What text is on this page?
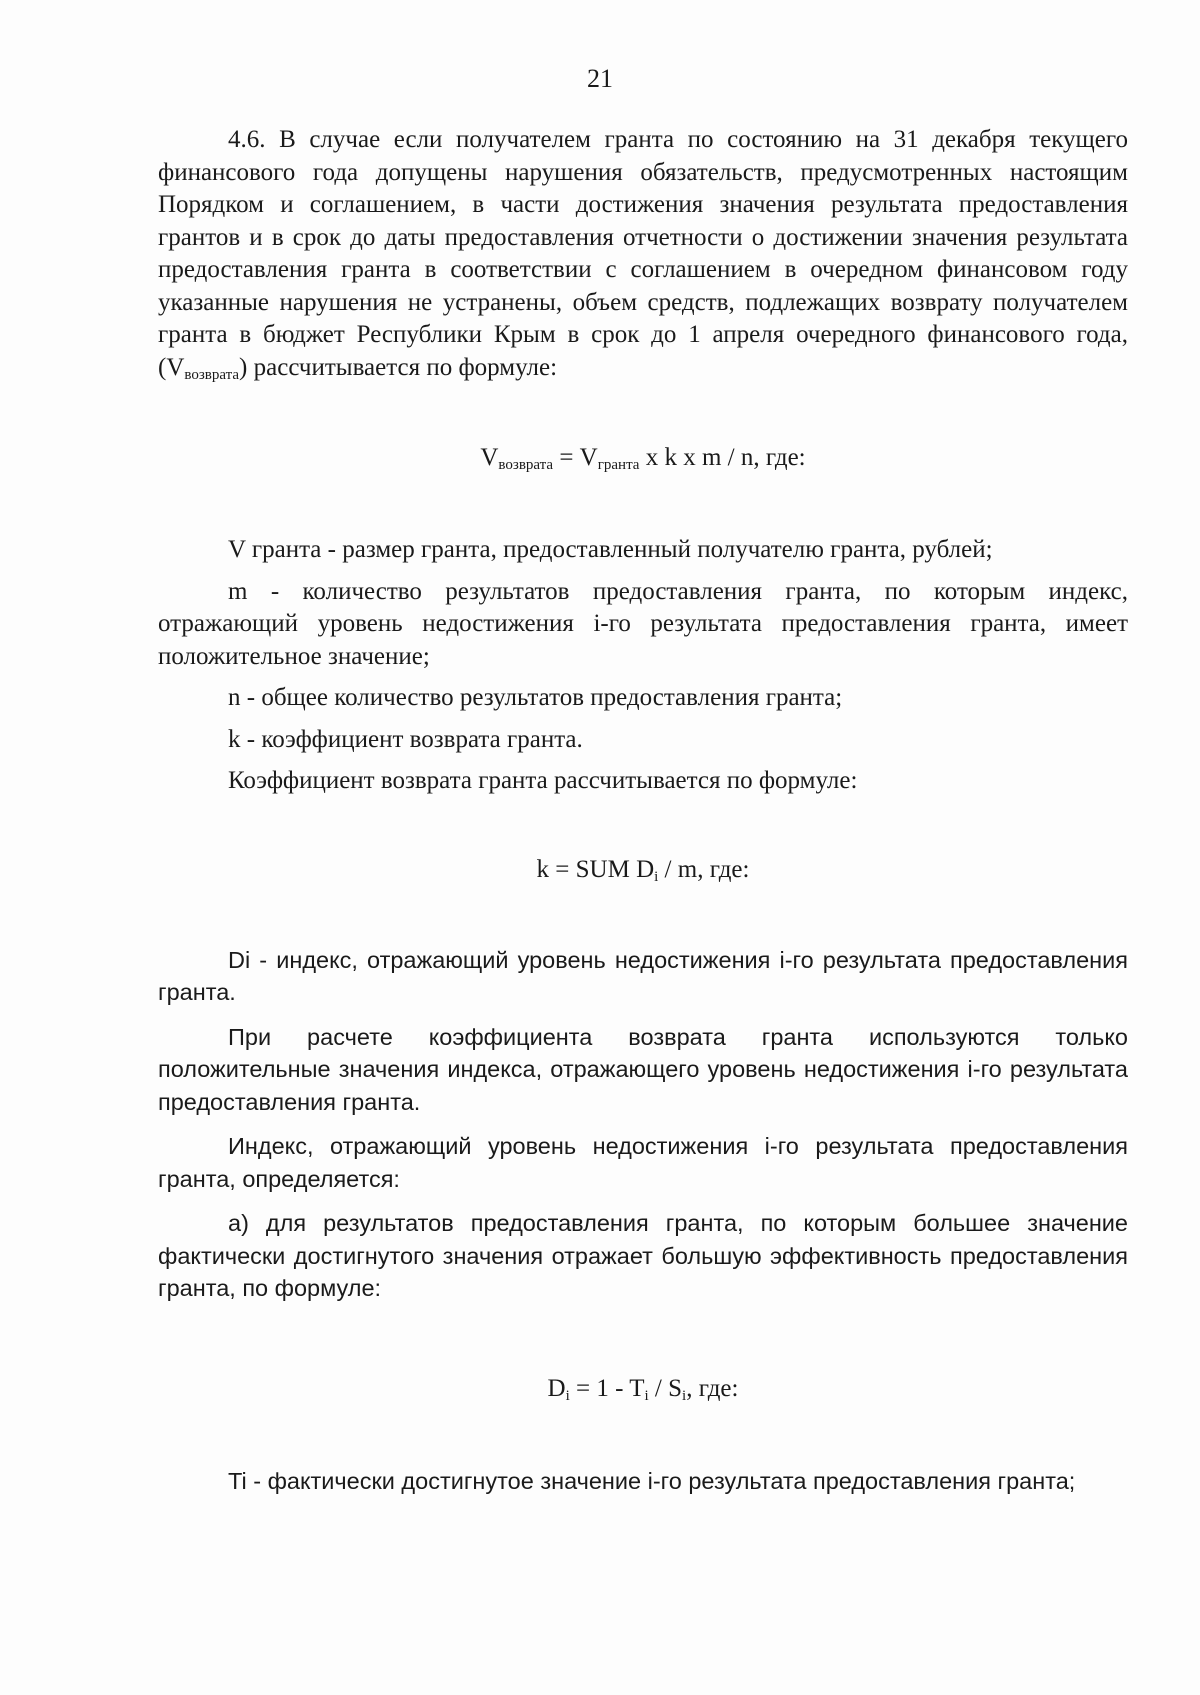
21

4.6. В случае если получателем гранта по состоянию на 31 декабря текущего финансового года допущены нарушения обязательств, предусмотренных настоящим Порядком и соглашением, в части достижения значения результата предоставления грантов и в срок до даты предоставления отчетности о достижении значения результата предоставления гранта в соответствии с соглашением в очередном финансовом году указанные нарушения не устранены, объем средств, подлежащих возврату получателем гранта в бюджет Республики Крым в срок до 1 апреля очередного финансового года, $(V_{возврата})$ рассчитывается по формуле:

$V_{возврата} = V_{гранта}$ x k x m / n, где:

V гранта - размер гранта, предоставленный получателю гранта, рублей;

m - количество результатов предоставления гранта, по которым индекс, отражающий уровень недостижения i-го результата предоставления гранта, имеет положительное значение;

n - общее количество результатов предоставления гранта;

k - коэффициент возврата гранта.

Коэффициент возврата гранта рассчитывается по формуле:

k = SUM $D_i$ / m, где:

Di - индекс, отражающий уровень недостижения i-го результата предоставления гранта.

При расчете коэффициента возврата гранта используются только положительные значения индекса, отражающего уровень недостижения i-го результата предоставления гранта.

Индекс, отражающий уровень недостижения i-го результата предоставления гранта, определяется:

а) для результатов предоставления гранта, по которым большее значение фактически достигнутого значения отражает большую эффективность предоставления гранта, по формуле:

$D_i = 1 - T_i / S_i$, где:

Ti - фактически достигнутое значение i-го результата предоставления гранта;
